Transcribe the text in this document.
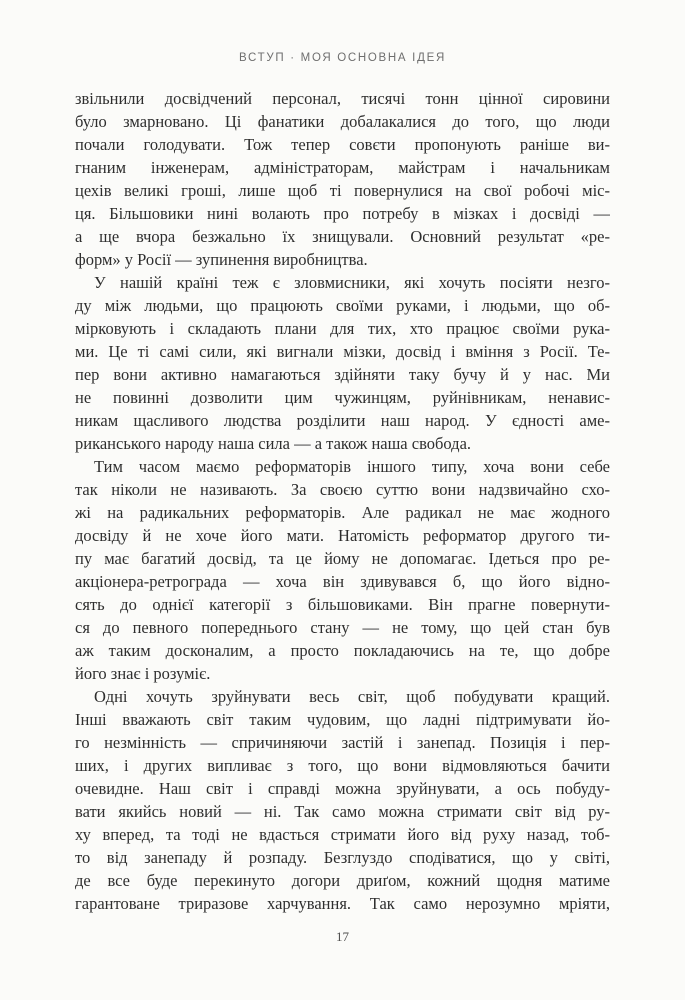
ВСТУП · МОЯ ОСНОВНА ІДЕЯ
звільнили досвідчений персонал, тисячі тонн цінної сировини
було змарновано. Ці фанатики добалакалися до того, що люди
почали голодувати. Тож тепер совєти пропонують раніше ви-
гнаним інженерам, адміністраторам, майстрам і начальникам
цехів великі гроші, лише щоб ті повернулися на свої робочі міс-
ця. Більшовики нині волають про потребу в мізках і досвіді —
а ще вчора безжально їх знищували. Основний результат «ре-
форм» у Росії — зупинення виробництва.
У нашій країні теж є зловмисники, які хочуть посіяти незго-
ду між людьми, що працюють своїми руками, і людьми, що об-
мірковують і складають плани для тих, хто працює своїми рука-
ми. Це ті самі сили, які вигнали мізки, досвід і вміння з Росії. Те-
пер вони активно намагаються здійняти таку бучу й у нас. Ми
не повинні дозволити цим чужинцям, руйнівникам, ненавис-
никам щасливого людства розділити наш народ. У єдності аме-
риканського народу наша сила — а також наша свобода.
Тим часом маємо реформаторів іншого типу, хоча вони себе
так ніколи не називають. За своєю суттю вони надзвичайно схо-
жі на радикальних реформаторів. Але радикал не має жодного
досвіду й не хоче його мати. Натомість реформатор другого ти-
пу має багатий досвід, та це йому не допомагає. Ідеться про ре-
акціонера-ретрограда — хоча він здивувався б, що його відно-
сять до однієї категорії з більшовиками. Він прагне повернути-
ся до певного попереднього стану — не тому, що цей стан був
аж таким досконалим, а просто покладаючись на те, що добре
його знає і розуміє.
Одні хочуть зруйнувати весь світ, щоб побудувати кращий.
Інші вважають світ таким чудовим, що ладні підтримувати йо-
го незмінність — спричиняючи застій і занепад. Позиція і пер-
ших, і других випливає з того, що вони відмовляються бачити
очевидне. Наш світ і справді можна зруйнувати, а ось побуду-
вати якийсь новий — ні. Так само можна стримати світ від ру-
ху вперед, та тоді не вдасться стримати його від руху назад, тоб-
то від занепаду й розпаду. Безглуздо сподіватися, що у світі,
де все буде перекинуто догори дриґом, кожний щодня матиме
гарантоване триразове харчування. Так само нерозумно мріяти,
17
